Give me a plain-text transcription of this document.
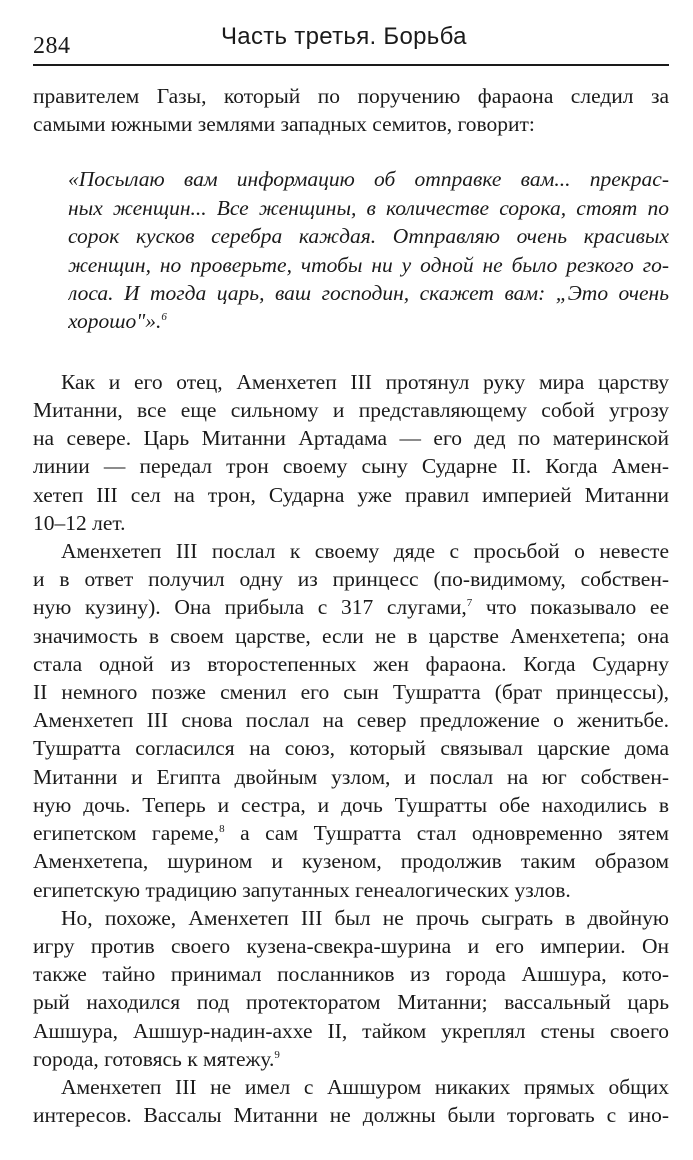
284	Часть третья. Борьба
правителем Газы, который по поручению фараона следил за
самыми южными землями западных семитов, говорит:
«Посылаю вам информацию об отправке вам... прекрас-
ных женщин... Все женщины, в количестве сорока, стоят по
сорок кусков серебра каждая. Отправляю очень красивых
женщин, но проверьте, чтобы ни у одной не было резкого го-
лоса. И тогда царь, ваш господин, скажет вам: „Это очень
хорошо"».$^6$
Как и его отец, Аменхетеп III протянул руку мира царству
Митанни, все еще сильному и представляющему собой угрозу
на севере. Царь Митанни Артадама — его дед по материнской
линии — передал трон своему сыну Сударне II. Когда Амен-
хетеп III сел на трон, Сударна уже правил империей Митанни
10–12 лет.
Аменхетеп III послал к своему дяде с просьбой о невесте
и в ответ получил одну из принцесс (по-видимому, собствен-
ную кузину). Она прибыла с 317 слугами,$^7$ что показывало ее
значимость в своем царстве, если не в царстве Аменхетепа; она
стала одной из второстепенных жен фараона. Когда Сударну
II немного позже сменил его сын Тушратта (брат принцессы),
Аменхетеп III снова послал на север предложение о женитьбе.
Тушратта согласился на союз, который связывал царские дома
Митанни и Египта двойным узлом, и послал на юг собствен-
ную дочь. Теперь и сестра, и дочь Тушратты обе находились в
египетском гареме,$^8$ а сам Тушратта стал одновременно зятем
Аменхетепа, шурином и кузеном, продолжив таким образом
египетскую традицию запутанных генеалогических узлов.
Но, похоже, Аменхетеп III был не прочь сыграть в двойную
игру против своего кузена-свекра-шурина и его империи. Он
также тайно принимал посланников из города Ашшура, кото-
рый находился под протекторатом Митанни; вассальный царь
Ашшура, Ашшур-надин-аххе II, тайком укреплял стены своего
города, готовясь к мятежу.$^9$
Аменхетеп III не имел с Ашшуром никаких прямых общих
интересов. Вассалы Митанни не должны были торговать с ино-
